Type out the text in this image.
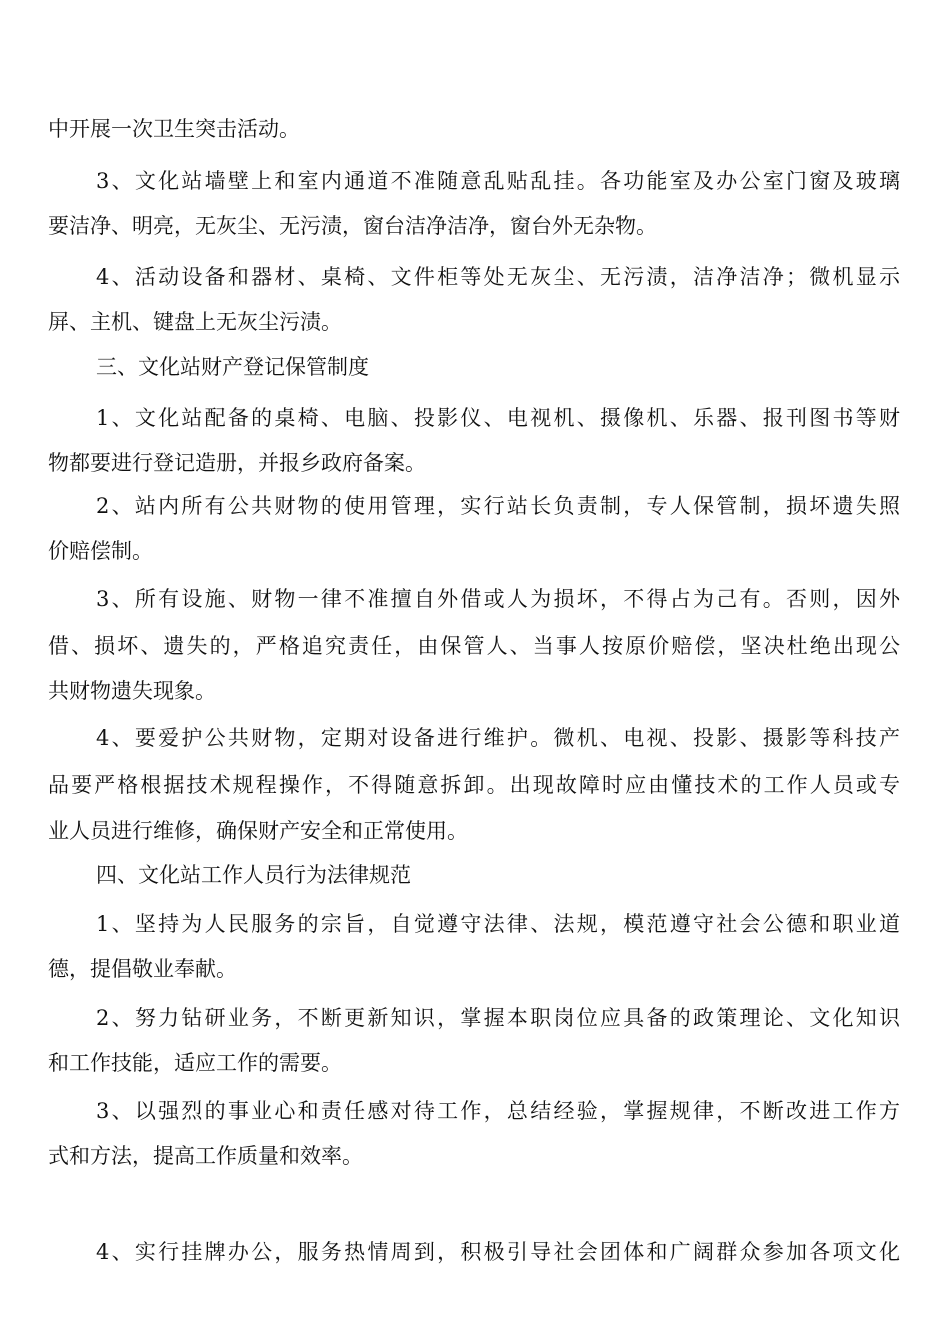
中开展一次卫生突击活动。
3、文化站墙壁上和室内通道不准随意乱贴乱挂。各功能室及办公室门窗及玻璃
要洁净、明亮，无灰尘、无污渍，窗台洁净洁净，窗台外无杂物。
4、活动设备和器材、桌椅、文件柜等处无灰尘、无污渍，洁净洁净；微机显示
屏、主机、键盘上无灰尘污渍。
三、文化站财产登记保管制度
1、文化站配备的桌椅、电脑、投影仪、电视机、摄像机、乐器、报刊图书等财
物都要进行登记造册，并报乡政府备案。
2、站内所有公共财物的使用管理，实行站长负责制，专人保管制，损坏遗失照
价赔偿制。
3、所有设施、财物一律不准擅自外借或人为损坏，不得占为己有。否则，因外
借、损坏、遗失的，严格追究责任，由保管人、当事人按原价赔偿，坚决杜绝出现公
共财物遗失现象。
4、要爱护公共财物，定期对设备进行维护。微机、电视、投影、摄影等科技产
品要严格根据技术规程操作，不得随意拆卸。出现故障时应由懂技术的工作人员或专
业人员进行维修，确保财产安全和正常使用。
四、文化站工作人员行为法律规范
1、坚持为人民服务的宗旨，自觉遵守法律、法规，模范遵守社会公德和职业道
德，提倡敬业奉献。
2、努力钻研业务，不断更新知识，掌握本职岗位应具备的政策理论、文化知识
和工作技能，适应工作的需要。
3、以强烈的事业心和责任感对待工作，总结经验，掌握规律，不断改进工作方
式和方法，提高工作质量和效率。
4、实行挂牌办公，服务热情周到，积极引导社会团体和广阔群众参加各项文化
